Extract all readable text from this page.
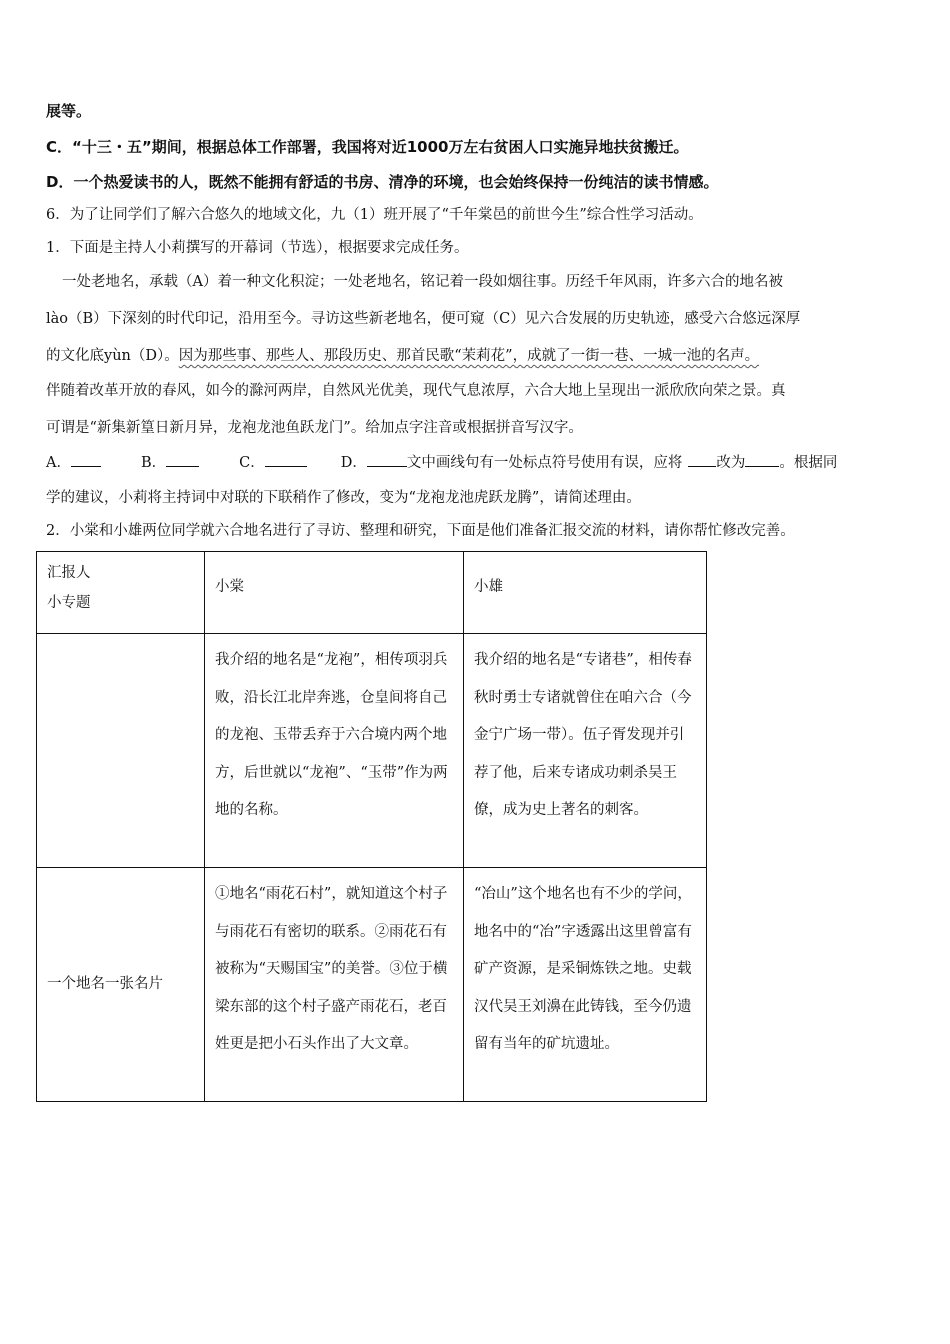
展等。
C．“十三・五”期间，根据总体工作部署，我国将对近1000万左右贫困人口实施异地扶贫搬迁。
D．一个热爱读书的人，既然不能拥有舒适的书房、清净的环境，也会始终保持一份纯洁的读书情感。
6．为了让同学们了解六合悠久的地域文化，九（1）班开展了“千年棠邑的前世今生”综合性学习活动。
1．下面是主持人小莉撰写的开幕词（节选），根据要求完成任务。
一处老地名，承载（A）着一种文化积淀；一处老地名，铭记着一段如烟往事。历经千年风雨，许多六合的地名被
lào（B）下深刻的时代印记，沿用至今。寻访这些新老地名，便可窥（C）见六合发展的历史轨迹，感受六合悠远深厚
的文化底yùn（D）。因为那些事、那些人、那段历史、那首民歌“茉莉花”，成就了一街一巷、一城一池的名声。
伴随着改革开放的春风，如今的滁河两岸，自然风光优美，现代气息浓厚，六合大地上呈现出一派欣欣向荣之景。真
可谓是“新集新篁日新月异，龙袍龙池鱼跃龙门”。给加点字注音或根据拼音写汉字。
A．	B．	C．	D．	文中画线句有一处标点符号使用有误，应将 改为 。根据同
学的建议，小莉将主持词中对联的下联稍作了修改，变为“龙袍龙池虎跃龙腾”，请简述理由。
2．小棠和小雄两位同学就六合地名进行了寻访、整理和研究，下面是他们准备汇报交流的材料，请你帮忙修改完善。
汇报人
小专题	小棠	小雄

	我介绍的地名是“龙袍”，相传项羽兵败，沿长江北岸奔逃，仓皇间将自己的龙袍、玉带丢弃于六合境内两个地方，后世就以“龙袍”、“玉带”作为两地的名称。	我介绍的地名是“专诸巷”，相传春秋时勇士专诸就曾住在咱六合（今金宁广场一带）。伍子胥发现并引荐了他，后来专诸成功刺杀吴王僚，成为史上著名的刺客。

一个地名一张名片	①地名“雨花石村”，就知道这个村子与雨花石有密切的联系。②雨花石有被称为“天赐国宝”的美誉。③位于横梁东部的这个村子盛产雨花石，老百姓更是把小石头作出了大文章。	“冶山”这个地名也有不少的学问，地名中的“冶”字透露出这里曾富有矿产资源，是采铜炼铁之地。史载汉代吴王刘濞在此铸钱，至今仍遗留有当年的矿坑遗址。
